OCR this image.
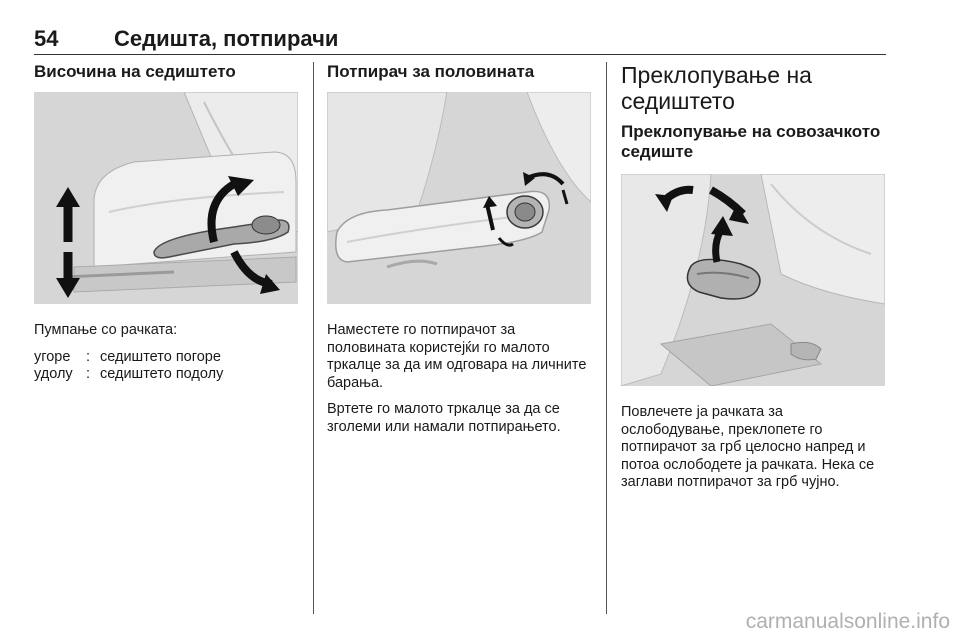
54	Седишта, потпирачи
Височина на седиштето

Пумпање со рачката:

угоре	: седиштето погоре
удолу : седиштето подолу
Потпирач за половината

Наместете го потпирачот за половината користејќи го малото тркалце за да им одговара на личните барања.

Вртете го малото тркалце за да се зголеми или намали потпирањето.

Преклопување на седиштето
Преклопување на совозачкото седиште

Повлечете ја рачката за ослободување, преклопете го потпирачот за грб целосно напред и потоа ослободете ја рачката. Нека се заглави потпирачот за грб чујно.

carmanualsonline.info
